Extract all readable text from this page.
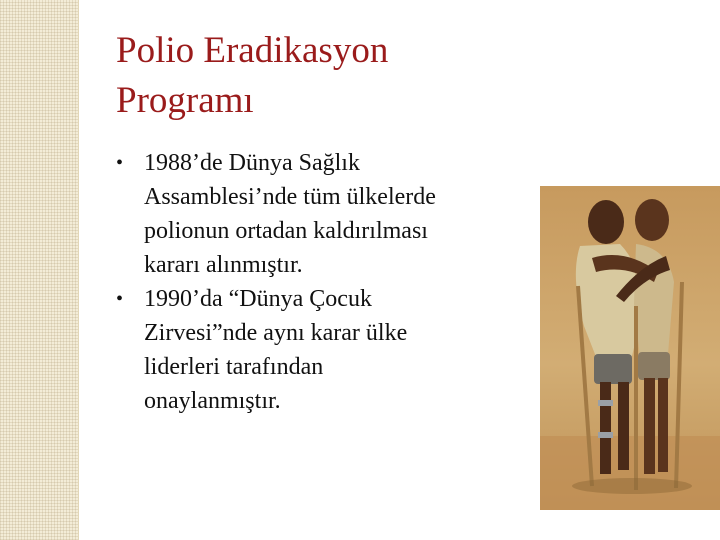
Polio Eradikasyon
Programı
• 1988’de Dünya Sağlık
Assamblesi’nde tüm ülkelerde
polionun ortadan kaldırılması
kararı alınmıştır.
• 1990’da “Dünya Çocuk
Zirvesi”nde aynı karar ülke
liderleri tarafından
onaylanmıştır.
